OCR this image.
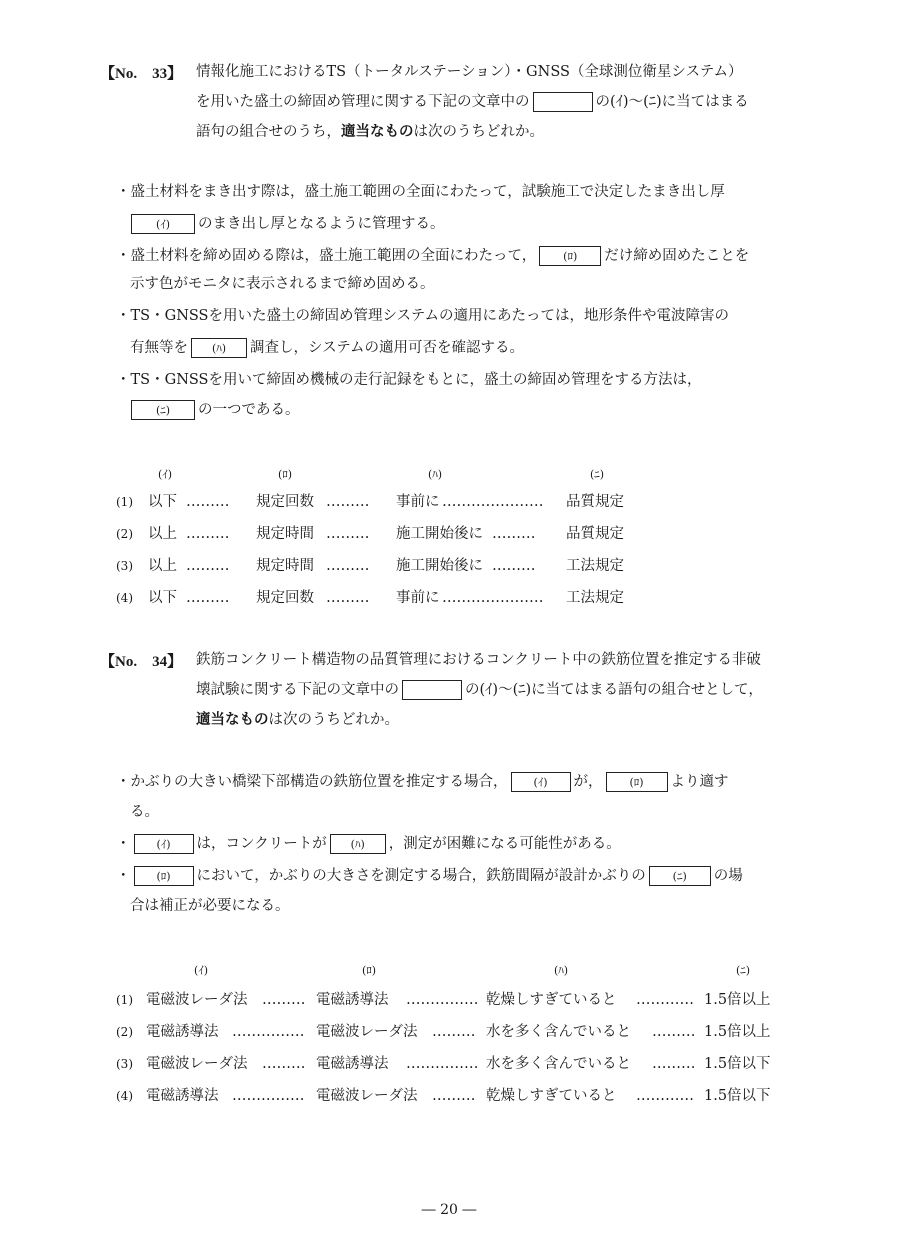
【No.　33】 情報化施工におけるTS（トータルステーション）・GNSS（全球測位衛星システム）
を用いた盛土の締固め管理に関する下記の文章中の	の(ｲ)～(ﾆ)に当てはまる
語句の組合せのうち，適当なものは次のうちどれか。
・盛土材料をまき出す際は，盛土施工範囲の全面にわたって，試験施工で決定したまき出し厚
(ｲ) のまき出し厚となるように管理する。
・盛土材料を締め固める際は，盛土施工範囲の全面にわたって， (ﾛ) だけ締め固めたことを
示す色がモニタに表示されるまで締め固める。
・TS・GNSSを用いた盛土の締固め管理システムの適用にあたっては，地形条件や電波障害の
有無等を (ﾊ) 調査し，システムの適用可否を確認する。
・TS・GNSSを用いて締固め機械の走行記録をもとに，盛土の締固め管理をする方法は，
(ﾆ) の一つである。
(ｲ)	(ﾛ)	(ﾊ)	(ﾆ)
(1) 以下 ……… 規定回数 ……… 事前に ………………… 品質規定
(2) 以上 ……… 規定時間 ……… 施工開始後に ……… 品質規定
(3) 以上 ……… 規定時間 ……… 施工開始後に ……… 工法規定
(4) 以下 ……… 規定回数 ……… 事前に ………………… 工法規定
【No.　34】 鉄筋コンクリート構造物の品質管理におけるコンクリート中の鉄筋位置を推定する非破
壊試験に関する下記の文章中の	の(ｲ)～(ﾆ)に当てはまる語句の組合せとして，
適当なものは次のうちどれか。
・かぶりの大きい橋梁下部構造の鉄筋位置を推定する場合， (ｲ) が， (ﾛ) より適す
る。
・ (ｲ) は，コンクリートが (ﾊ) ，測定が困難になる可能性がある。
・ (ﾛ) において，かぶりの大きさを測定する場合，鉄筋間隔が設計かぶりの (ﾆ) の場
合は補正が必要になる。
(ｲ)	(ﾛ)	(ﾊ)	(ﾆ)
(1) 電磁波レーダ法 ……… 電磁誘導法 …………… 乾燥しすぎていると ………… 1.5倍以上
(2) 電磁誘導法 …………… 電磁波レーダ法 ……… 水を多く含んでいると ……… 1.5倍以上
(3) 電磁波レーダ法 ……… 電磁誘導法 …………… 水を多く含んでいると ……… 1.5倍以下
(4) 電磁誘導法 …………… 電磁波レーダ法 ……… 乾燥しすぎていると ………… 1.5倍以下
― 20 ―
